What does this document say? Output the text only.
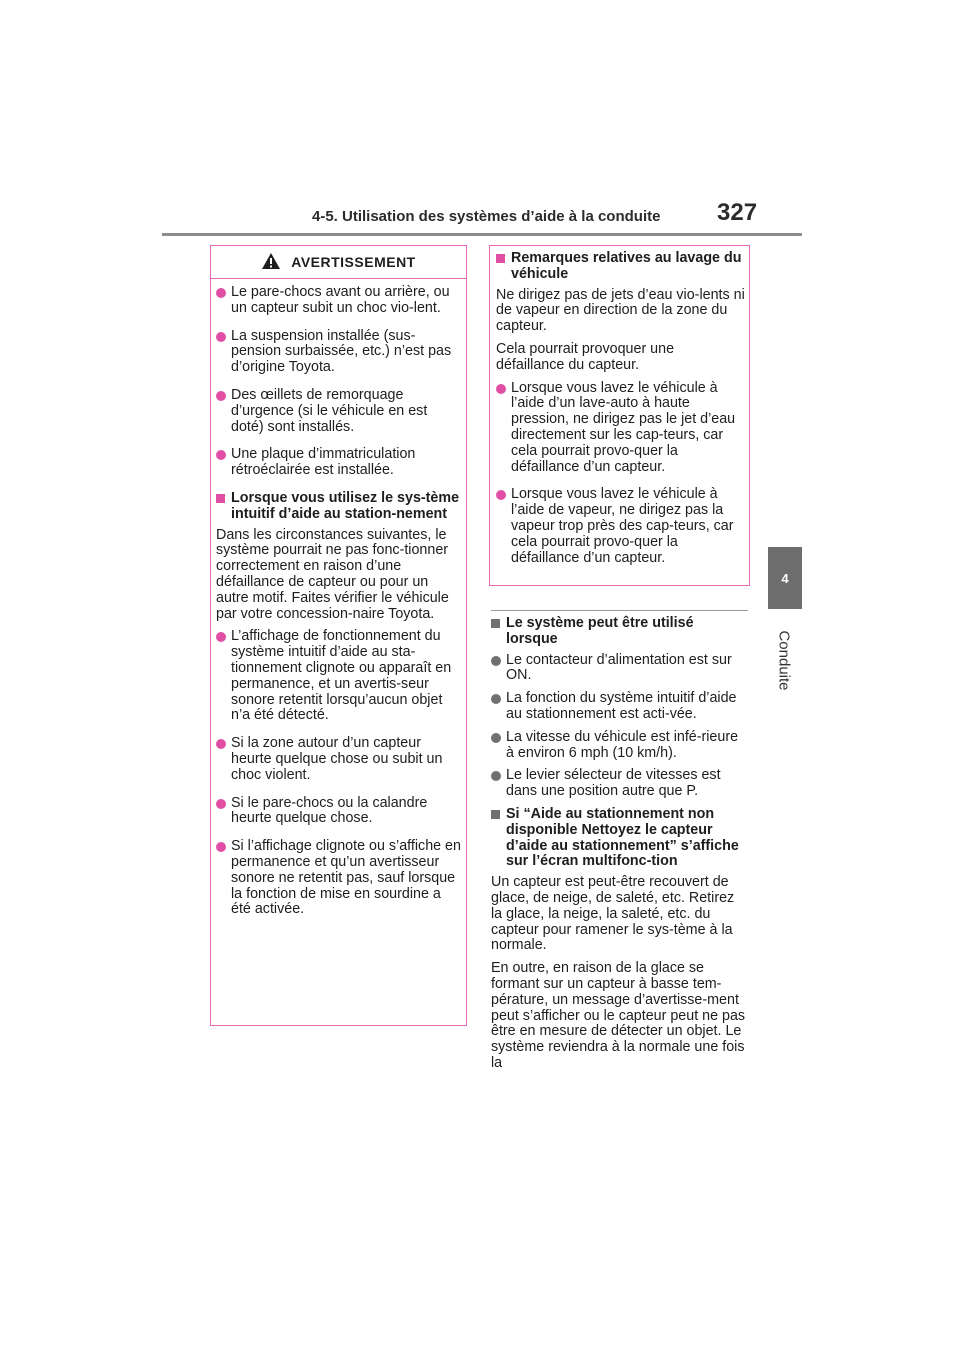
4-5. Utilisation des systèmes d’aide à la conduite 327
4
Conduite
AVERTISSEMENT
Le pare-chocs avant ou arrière, ou un capteur subit un choc vio-lent.
La suspension installée (sus-pension surbaissée, etc.) n’est pas d’origine Toyota.
Des œillets de remorquage d’urgence (si le véhicule en est doté) sont installés.
Une plaque d’immatriculation rétroéclairée est installée.
Lorsque vous utilisez le sys-tème intuitif d’aide au station-nement
Dans les circonstances suivantes, le système pourrait ne pas fonc-tionner correctement en raison d’une défaillance de capteur ou pour un autre motif. Faites vérifier le véhicule par votre concession-naire Toyota.
L’affichage de fonctionnement du système intuitif d’aide au sta-tionnement clignote ou apparaît en permanence, et un avertis-seur sonore retentit lorsqu’aucun objet n’a été détecté.
Si la zone autour d’un capteur heurte quelque chose ou subit un choc violent.
Si le pare-chocs ou la calandre heurte quelque chose.
Si l’affichage clignote ou s’affiche en permanence et qu’un avertisseur sonore ne retentit pas, sauf lorsque la fonction de mise en sourdine a été activée.
Remarques relatives au lavage du véhicule
Ne dirigez pas de jets d’eau vio-lents ni de vapeur en direction de la zone du capteur.
Cela pourrait provoquer une défaillance du capteur.
Lorsque vous lavez le véhicule à l’aide d’un lave-auto à haute pression, ne dirigez pas le jet d’eau directement sur les cap-teurs, car cela pourrait provo-quer la défaillance d’un capteur.
Lorsque vous lavez le véhicule à l’aide de vapeur, ne dirigez pas la vapeur trop près des cap-teurs, car cela pourrait provo-quer la défaillance d’un capteur.
Le système peut être utilisé lorsque
Le contacteur d’alimentation est sur ON.
La fonction du système intuitif d’aide au stationnement est acti-vée.
La vitesse du véhicule est infé-rieure à environ 6 mph (10 km/h).
Le levier sélecteur de vitesses est dans une position autre que P.
Si “Aide au stationnement non disponible Nettoyez le capteur d’aide au stationnement” s’affiche sur l’écran multifonc-tion
Un capteur est peut-être recouvert de glace, de neige, de saleté, etc. Retirez la glace, la neige, la saleté, etc. du capteur pour ramener le sys-tème à la normale.
En outre, en raison de la glace se formant sur un capteur à basse tem-pérature, un message d’avertisse-ment peut s’afficher ou le capteur peut ne pas être en mesure de détecter un objet. Le système reviendra à la normale une fois la
